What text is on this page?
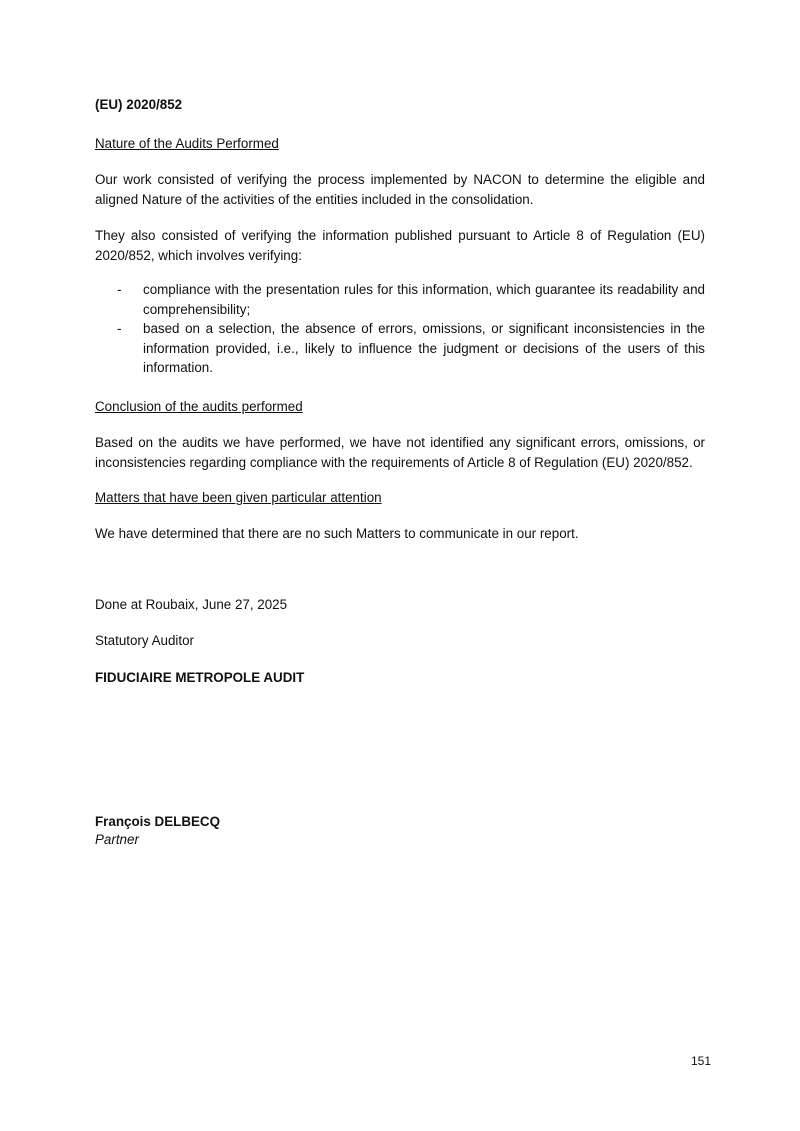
(EU) 2020/852

Nature of the Audits Performed

Our work consisted of verifying the process implemented by NACON to determine the eligible and aligned Nature of the activities of the entities included in the consolidation.

They also consisted of verifying the information published pursuant to Article 8 of Regulation (EU) 2020/852, which involves verifying:

- compliance with the presentation rules for this information, which guarantee its readability and comprehensibility;
- based on a selection, the absence of errors, omissions, or significant inconsistencies in the information provided, i.e., likely to influence the judgment or decisions of the users of this information.

Conclusion of the audits performed

Based on the audits we have performed, we have not identified any significant errors, omissions, or inconsistencies regarding compliance with the requirements of Article 8 of Regulation (EU) 2020/852.

Matters that have been given particular attention

We have determined that there are no such Matters to communicate in our report.

Done at Roubaix, June 27, 2025

Statutory Auditor

FIDUCIAIRE METROPOLE AUDIT

François DELBECQ

Partner

151
